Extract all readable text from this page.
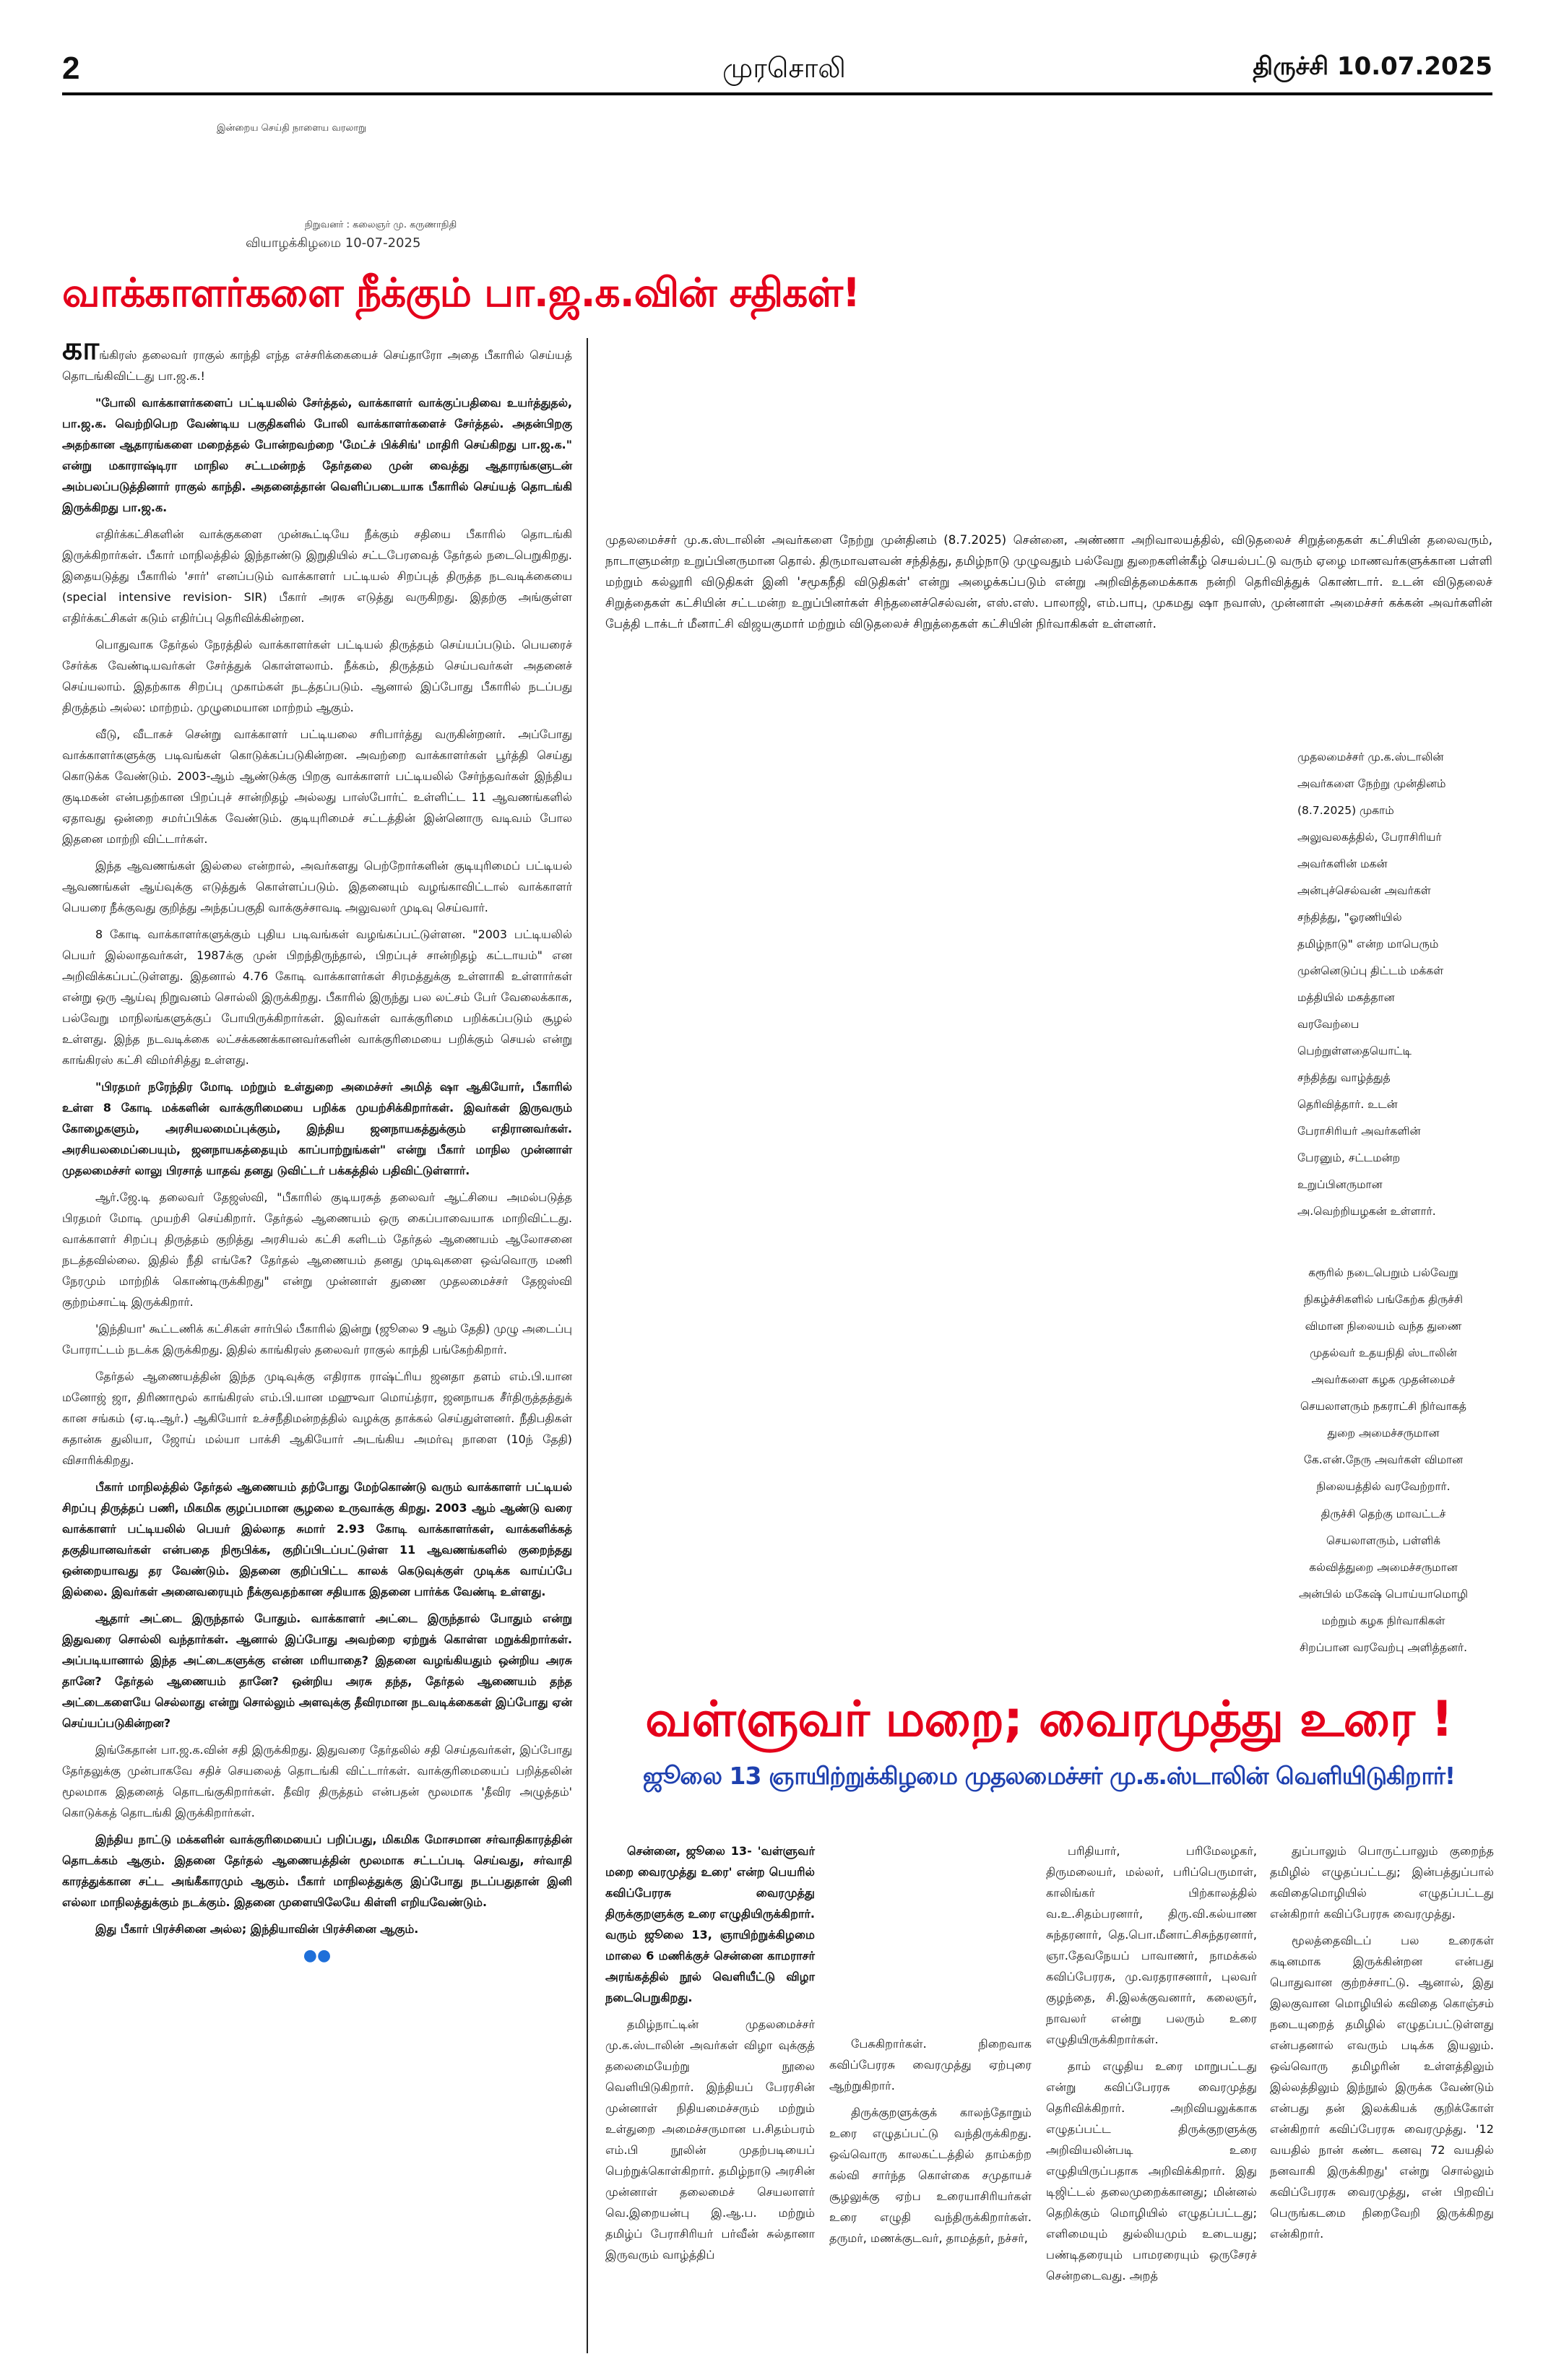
2	முரசொலி	திருச்சி 10.07.2025
இன்றைய செய்தி நாளைய வரலாறு
நிறுவனர் : கலைஞர் மு. கருணாநிதி
வியாழக்கிழமை 10-07-2025
வாக்காளர்களை நீக்கும் பா.ஜ.க.வின் சதிகள்!

காங்கிரஸ் தலைவர் ராகுல் காந்தி எந்த எச்சரிக்கையைச் செய்தாரோ அதை பீகாரில் செய்யத் தொடங்கிவிட்டது பா.ஜ.க.!

"போலி வாக்காளர்களைப் பட்டியலில் சேர்த்தல், வாக்காளர் வாக்குப்பதிவை உயர்த்துதல், பா.ஜ.க. வெற்றிபெற வேண்டிய பகுதிகளில் போலி வாக்காளர்களைச் சேர்த்தல். அதன்பிறகு அதற்கான ஆதாரங்களை மறைத்தல் போன்றவற்றை 'மேட்ச் பிக்சிங்' மாதிரி செய்கிறது பா.ஜ.க." என்று மகாராஷ்டிரா மாநில சட்டமன்றத் தேர்தலை முன் வைத்து ஆதாரங்களுடன் அம்பலப்படுத்தினார் ராகுல் காந்தி. அதனைத்தான் வெளிப்படையாக பீகாரில் செய்யத் தொடங்கி இருக்கிறது பா.ஜ.க.

எதிர்க்கட்சிகளின் வாக்குகளை முன்கூட்டியே நீக்கும் சதியை பீகாரில் தொடங்கி இருக்கிறார்கள். பீகார் மாநிலத்தில் இந்தாண்டு இறுதியில் சட்டபேரவைத் தேர்தல் நடைபெறுகிறது. இதையடுத்து பீகாரில் 'சார்' எனப்படும் வாக்காளர் பட்டியல் சிறப்புத் திருத்த நடவடிக்கையை (special intensive revision- SIR) பீகார் அரசு எடுத்து வருகிறது. இதற்கு அங்குள்ள எதிர்க்கட்சிகள் கடும் எதிர்ப்பு தெரிவிக்கின்றன.

பொதுவாக தேர்தல் நேரத்தில் வாக்காளர்கள் பட்டியல் திருத்தம் செய்யப்படும். பெயரைச் சேர்க்க வேண்டியவர்கள் சேர்த்துக் கொள்ளலாம். நீக்கம், திருத்தம் செய்பவர்கள் அதனைச் செய்யலாம். இதற்காக சிறப்பு முகாம்கள் நடத்தப்படும். ஆனால் இப்போது பீகாரில் நடப்பது திருத்தம் அல்ல: மாற்றம். முழுமையான மாற்றம் ஆகும்.

வீடு, வீடாகச் சென்று வாக்காளர் பட்டியலை சரிபார்த்து வருகின்றனர். அப்போது வாக்காளர்களுக்கு படிவங்கள் கொடுக்கப்படுகின்றன. அவற்றை வாக்காளர்கள் பூர்த்தி செய்து கொடுக்க வேண்டும். 2003-ஆம் ஆண்டுக்கு பிறகு வாக்காளர் பட்டியலில் சேர்ந்தவர்கள் இந்திய குடிமகன் என்பதற்கான பிறப்புச் சான்றிதழ் அல்லது பாஸ்போர்ட் உள்ளிட்ட 11 ஆவணங்களில் ஏதாவது ஒன்றை சமர்ப்பிக்க வேண்டும். குடியுரிமைச் சட்டத்தின் இன்னொரு வடிவம் போல இதனை மாற்றி விட்டார்கள்.

இந்த ஆவணங்கள் இல்லை என்றால், அவர்களது பெற்றோர்களின் குடியுரிமைப் பட்டியல் ஆவணங்கள் ஆய்வுக்கு எடுத்துக் கொள்ளப்படும். இதனையும் வழங்காவிட்டால் வாக்காளர் பெயரை நீக்குவது குறித்து அந்தப்பகுதி வாக்குச்சாவடி அலுவலர் முடிவு செய்வார்.

8 கோடி வாக்காளர்களுக்கும் புதிய படிவங்கள் வழங்கப்பட்டுள்ளன. "2003 பட்டியலில் பெயர் இல்லாதவர்கள், 1987க்கு முன் பிறந்திருந்தால், பிறப்புச் சான்றிதழ் கட்டாயம்" என அறிவிக்கப்பட்டுள்ளது. இதனால் 4.76 கோடி வாக்காளர்கள் சிரமத்துக்கு உள்ளாகி உள்ளார்கள் என்று ஒரு ஆய்வு நிறுவனம் சொல்லி இருக்கிறது. பீகாரில் இருந்து பல லட்சம் பேர் வேலைக்காக, பல்வேறு மாநிலங்களுக்குப் போயிருக்கிறார்கள். இவர்கள் வாக்குரிமை பறிக்கப்படும் சூழல் உள்ளது. இந்த நடவடிக்கை லட்சக்கணக்கானவர்களின் வாக்குரிமையை பறிக்கும் செயல் என்று காங்கிரஸ் கட்சி விமர்சித்து உள்ளது.

"பிரதமர் நரேந்திர மோடி மற்றும் உள்துறை அமைச்சர் அமித் ஷா ஆகியோர், பீகாரில் உள்ள 8 கோடி மக்களின் வாக்குரிமையை பறிக்க முயற்சிக்கிறார்கள். இவர்கள் இருவரும் கோழைகளும், அரசியலமைப்புக்கும், இந்திய ஜனநாயகத்துக்கும் எதிரானவர்கள். அரசியலமைப்பையும், ஜனநாயகத்தையும் காப்பாற்றுங்கள்" என்று பீகார் மாநில முன்னாள் முதலமைச்சர் லாலு பிரசாத் யாதவ் தனது டுவிட்டர் பக்கத்தில் பதிவிட்டுள்ளார்.

ஆர்.ஜே.டி தலைவர் தேஜஸ்வி, "பீகாரில் குடியரசுத் தலைவர் ஆட்சியை அமல்படுத்த பிரதமர் மோடி முயற்சி செய்கிறார். தேர்தல் ஆணையம் ஒரு கைப்பாவையாக மாறிவிட்டது. வாக்காளர் சிறப்பு திருத்தம் குறித்து அரசியல் கட்சி களிடம் தேர்தல் ஆணையம் ஆலோசனை நடத்தவில்லை. இதில் நீதி எங்கே? தேர்தல் ஆணையம் தனது முடிவுகளை ஒவ்வொரு மணி நேரமும் மாற்றிக் கொண்டிருக்கிறது" என்று முன்னாள் துணை முதலமைச்சர் தேஜஸ்வி குற்றம்சாட்டி இருக்கிறார்.

'இந்தியா' கூட்டணிக் கட்சிகள் சார்பில் பீகாரில் இன்று (ஜூலை 9 ஆம் தேதி) முழு அடைப்பு போராட்டம் நடக்க இருக்கிறது. இதில் காங்கிரஸ் தலைவர் ராகுல் காந்தி பங்கேற்கிறார்.

தேர்தல் ஆணையத்தின் இந்த முடிவுக்கு எதிராக ராஷ்ட்ரிய ஜனதா தளம் எம்.பி.யான மனோஜ் ஜா, திரிணாமூல் காங்கிரஸ் எம்.பி.யான மஹுவா மொய்த்ரா, ஜனநாயக சீர்திருத்தத்துக் கான சங்கம் (ஏ.டி.ஆர்.) ஆகியோர் உச்சநீதிமன்றத்தில் வழக்கு தாக்கல் செய்துள்ளனர். நீதிபதிகள் சுதான்சு துலியா, ஜோய் மல்யா பாக்சி ஆகியோர் அடங்கிய அமர்வு நாளை (10ந் தேதி) விசாரிக்கிறது.

பீகார் மாநிலத்தில் தேர்தல் ஆணையம் தற்போது மேற்கொண்டு வரும் வாக்காளர் பட்டியல் சிறப்பு திருத்தப் பணி, மிகமிக குழப்பமான சூழலை உருவாக்கு கிறது. 2003 ஆம் ஆண்டு வரை வாக்காளர் பட்டியலில் பெயர் இல்லாத சுமார் 2.93 கோடி வாக்காளர்கள், வாக்களிக்கத் தகுதியானவர்கள் என்பதை நிரூபிக்க, குறிப்பிடப்பட்டுள்ள 11 ஆவணங்களில் குறைந்தது ஒன்றையாவது தர வேண்டும். இதனை குறிப்பிட்ட காலக் கெடுவுக்குள் முடிக்க வாய்ப்பே இல்லை. இவர்கள் அனைவரையும் நீக்குவதற்கான சதியாக இதனை பார்க்க வேண்டி உள்ளது.

ஆதார் அட்டை இருந்தால் போதும். வாக்காளர் அட்டை இருந்தால் போதும் என்று இதுவரை சொல்லி வந்தார்கள். ஆனால் இப்போது அவற்றை ஏற்றுக் கொள்ள மறுக்கிறார்கள். அப்படியானால் இந்த அட்டைகளுக்கு என்ன மரியாதை? இதனை வழங்கியதும் ஒன்றிய அரசு தானே? தேர்தல் ஆணையம் தானே? ஒன்றிய அரசு தந்த, தேர்தல் ஆணையம் தந்த அட்டைகளையே செல்லாது என்று சொல்லும் அளவுக்கு தீவிரமான நடவடிக்கைகள் இப்போது ஏன் செய்யப்படுகின்றன?

இங்கேதான் பா.ஜ.க.வின் சதி இருக்கிறது. இதுவரை தேர்தலில் சதி செய்தவர்கள், இப்போது தேர்தலுக்கு முன்பாகவே சதிச் செயலைத் தொடங்கி விட்டார்கள். வாக்குரிமையைப் பறித்தலின் மூலமாக இதனைத் தொடங்குகிறார்கள். தீவிர திருத்தம் என்பதன் மூலமாக 'தீவிர அழுத்தம்' கொடுக்கத் தொடங்கி இருக்கிறார்கள்.

இந்திய நாட்டு மக்களின் வாக்குரிமையைப் பறிப்பது, மிகமிக மோசமான சர்வாதிகாரத்தின் தொடக்கம் ஆகும். இதனை தேர்தல் ஆணையத்தின் மூலமாக சட்டப்படி செய்வது, சர்வாதி காரத்துக்கான சட்ட அங்கீகாரமும் ஆகும். பீகார் மாநிலத்துக்கு இப்போது நடப்பதுதான் இனி எல்லா மாநிலத்துக்கும் நடக்கும். இதனை முளையிலேயே கிள்ளி எறியவேண்டும்.

இது பீகார் பிரச்சினை அல்ல; இந்தியாவின் பிரச்சினை ஆகும்.

●●

முதலமைச்சர் மு.க.ஸ்டாலின் அவர்களை நேற்று முன்தினம் (8.7.2025) சென்னை, அண்ணா அறிவாலயத்தில், விடுதலைச் சிறுத்தைகள் கட்சியின் தலைவரும், நாடாளுமன்ற உறுப்பினருமான தொல். திருமாவளவன் சந்தித்து, தமிழ்நாடு முழுவதும் பல்வேறு துறைகளின்கீழ் செயல்பட்டு வரும் ஏழை மாணவர்களுக்கான பள்ளி மற்றும் கல்லூரி விடுதிகள் இனி 'சமூகநீதி விடுதிகள்' என்று அழைக்கப்படும் என்று அறிவித்தமைக்காக நன்றி தெரிவித்துக் கொண்டார். உடன் விடுதலைச் சிறுத்தைகள் கட்சியின் சட்டமன்ற உறுப்பினர்கள் சிந்தனைச்செல்வன், எஸ்.எஸ். பாலாஜி, எம்.பாபு, முகமது ஷா நவாஸ், முன்னாள் அமைச்சர் கக்கன் அவர்களின் பேத்தி டாக்டர் மீனாட்சி விஜயகுமார் மற்றும் விடுதலைச் சிறுத்தைகள் கட்சியின் நிர்வாகிகள் உள்ளனர்.
முதலமைச்சர் மு.க.ஸ்டாலின் அவர்களை நேற்று முன்தினம் (8.7.2025) முகாம் அலுவலகத்தில், பேராசிரியர் அவர்களின் மகன் அன்புச்செல்வன் அவர்கள் சந்தித்து, "ஓரணியில் தமிழ்நாடு" என்ற மாபெரும் முன்னெடுப்பு திட்டம் மக்கள் மத்தியில் மகத்தான வரவேற்பை பெற்றுள்ளதையொட்டி சந்தித்து வாழ்த்துத் தெரிவித்தார். உடன் பேராசிரியர் அவர்களின் பேரனும், சட்டமன்ற உறுப்பினருமான அ.வெற்றியழகன் உள்ளார்.
கரூரில் நடைபெறும் பல்வேறு நிகழ்ச்சிகளில் பங்கேற்க திருச்சி விமான நிலையம் வந்த துணை முதல்வர் உதயநிதி ஸ்டாலின் அவர்களை கழக முதன்மைச் செயலாளரும் நகராட்சி நிர்வாகத் துறை அமைச்சருமான கே.என்.நேரு அவர்கள் விமான நிலையத்தில் வரவேற்றார்.
திருச்சி தெற்கு மாவட்டச் செயலாளரும், பள்ளிக் கல்வித்துறை அமைச்சருமான அன்பில் மகேஷ் பொய்யாமொழி மற்றும் கழக நிர்வாகிகள் சிறப்பான வரவேற்பு அளித்தனர்.
வள்ளுவர் மறை; வைரமுத்து உரை !
ஜூலை 13 ஞாயிற்றுக்கிழமை முதலமைச்சர் மு.க.ஸ்டாலின் வெளியிடுகிறார்!

சென்னை, ஜூலை 13- 'வள்ளுவர் மறை வைரமுத்து உரை' என்ற பெயரில் கவிப்பேரரசு வைரமுத்து திருக்குறளுக்கு உரை எழுதியிருக்கிறார். வரும் ஜூலை 13, ஞாயிற்றுக்கிழமை மாலை 6 மணிக்குச் சென்னை காமராசர் அரங்கத்தில் நூல் வெளியீட்டு விழா நடைபெறுகிறது.

தமிழ்நாட்டின் முதலமைச்சர் மு.க.ஸ்டாலின் அவர்கள் விழா வுக்குத் தலைமையேற்று நூலை வெளியிடுகிறார். இந்தியப் பேரரசின் முன்னாள் நிதியமைச்சரும் மற்றும் உள்துறை அமைச்சருமான ப.சிதம்பரம் எம்.பி நூலின் முதற்படியைப் பெற்றுக்கொள்கிறார். தமிழ்நாடு அரசின் முன்னாள் தலைமைச் செயலாளர் வெ.இறையன்பு இ.ஆ.ப. மற்றும் தமிழ்ப் பேராசிரியர் பர்வீன் சுல்தானா இருவரும் வாழ்த்திப்

பேசுகிறார்கள். நிறைவாக கவிப்பேரரசு வைரமுத்து ஏற்புரை ஆற்றுகிறார்.

திருக்குறளுக்குக் காலந்தோறும் உரை எழுதப்பட்டு வந்திருக்கிறது. ஒவ்வொரு காலகட்டத்தில் தாம்கற்ற கல்வி சார்ந்த கொள்கை சமுதாயச் சூழலுக்கு ஏற்ப உரையாசிரியர்கள் உரை எழுதி வந்திருக்கிறார்கள். தருமர், மணக்குடவர், தாமத்தர், நச்சர்,

பரிதியார், பரிமேலழகர், திருமலையர், மல்லர், பரிப்பெருமாள், காலிங்கர் பிற்காலத்தில் வ.உ.சிதம்பரனார், திரு.வி.கல்யாண சுந்தரனார், தெ.பொ.மீனாட்சிசுந்தரனார், ஞா.தேவநேயப் பாவாணர், நாமக்கல் கவிப்பேரரசு, மு.வரதராசனார், புலவர் குழந்தை, சி.இலக்குவனார், கலைஞர், நாவலர் என்று பலரும் உரை எழுதியிருக்கிறார்கள்.

தாம் எழுதிய உரை மாறுபட்டது என்று கவிப்பேரரசு வைரமுத்து தெரிவிக்கிறார். அறிவியலுக்காக எழுதப்பட்ட திருக்குறளுக்கு அறிவியலின்படி உரை எழுதியிருப்பதாக அறிவிக்கிறார். இது டிஜிட்டல் தலைமுறைக்கானது; மின்னல் தெறிக்கும் மொழியில் எழுதப்பட்டது; எளிமையும் துல்லியமும் உடையது; பண்டிதரையும் பாமரரையும் ஒருசேரச் சென்றடைவது. அறத்

துப்பாலும் பொருட்பாலும் குறைந்த தமிழில் எழுதப்பட்டது; இன்பத்துப்பால் கவிதைமொழியில் எழுதப்பட்டது என்கிறார் கவிப்பேரரசு வைரமுத்து.

மூலத்தைவிடப் பல உரைகள் கடினமாக இருக்கின்றன என்பது பொதுவான குற்றச்சாட்டு. ஆனால், இது இலகுவான மொழியில் கவிதை கொஞ்சம் நடையுறைத் தமிழில் எழுதப்பட்டுள்ளது என்பதனால் எவரும் படிக்க இயலும். ஒவ்வொரு தமிழரின் உள்ளத்திலும் இல்லத்திலும் இந்நூல் இருக்க வேண்டும் என்பது தன் இலக்கியக் குறிக்கோள் என்கிறார் கவிப்பேரரசு வைரமுத்து. '12 வயதில் நான் கண்ட கனவு 72 வயதில் நனவாகி இருக்கிறது' என்று சொல்லும் கவிப்பேரரசு வைரமுத்து, என் பிறவிப் பெருங்கடமை நிறைவேறி இருக்கிறது என்கிறார்.
